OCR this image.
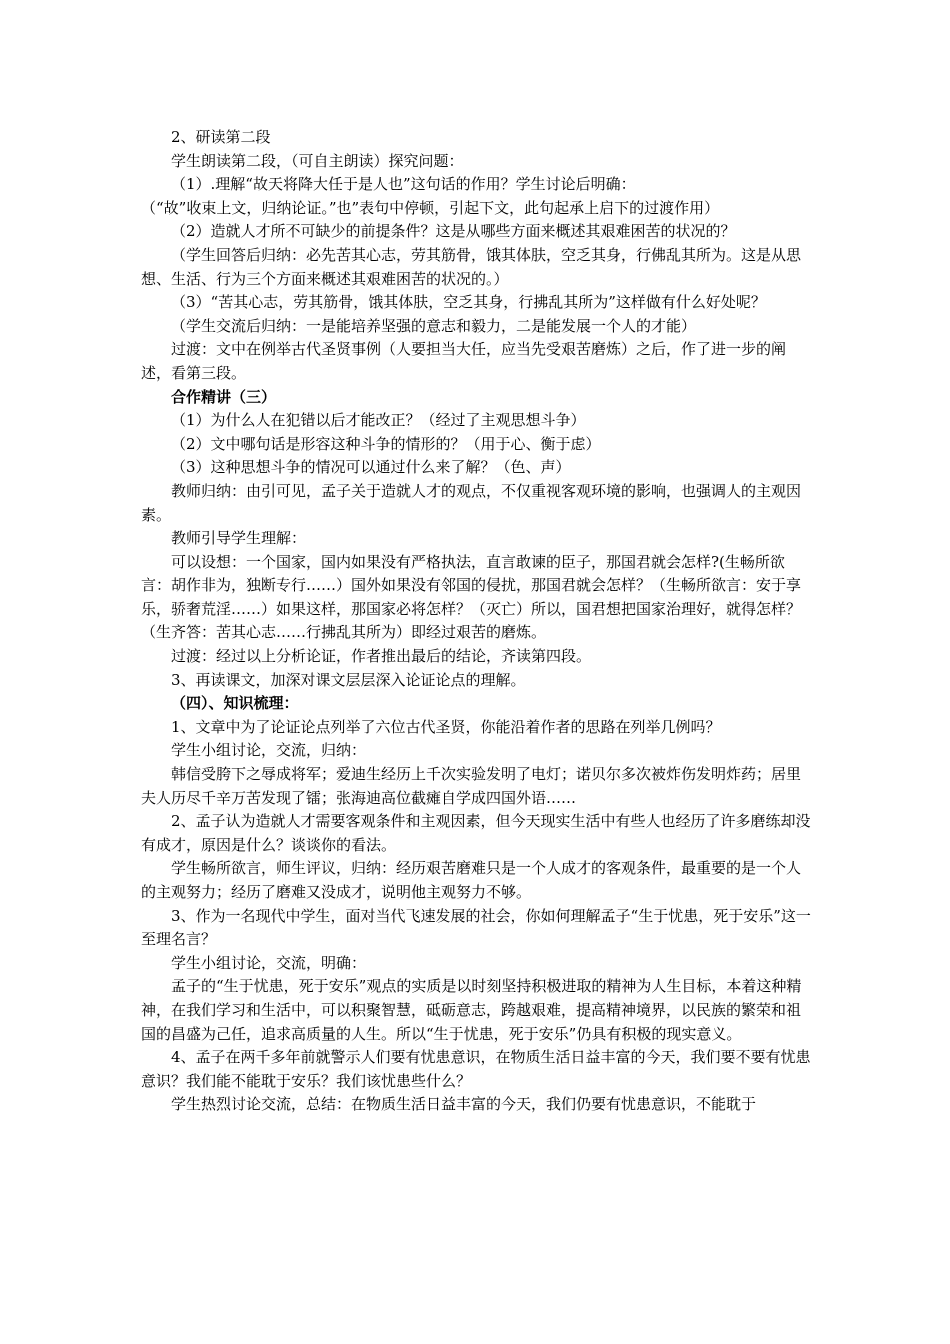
2、研读第二段

学生朗读第二段，（可自主朗读）探究问题：

（1）.理解“故天将降大任于是人也”这句话的作用？学生讨论后明确：

（“故”收束上文，归纳论证。”也”表句中停顿，引起下文，此句起承上启下的过渡作用）

（2）造就人才所不可缺少的前提条件？这是从哪些方面来概述其艰难困苦的状况的？

（学生回答后归纳：必先苦其心志，劳其筋骨，饿其体肤，空乏其身，行佛乱其所为。这是从思想、生活、行为三个方面来概述其艰难困苦的状况的。）

（3）“苦其心志，劳其筋骨，饿其体肤，空乏其身，行拂乱其所为”这样做有什么好处呢？

（学生交流后归纳：一是能培养坚强的意志和毅力，二是能发展一个人的才能）

过渡：文中在例举古代圣贤事例（人要担当大任，应当先受艰苦磨炼）之后，作了进一步的阐述，看第三段。

合作精讲（三）

（1）为什么人在犯错以后才能改正？（经过了主观思想斗争）

（2）文中哪句话是形容这种斗争的情形的？（用于心、衡于虑）

（3）这种思想斗争的情况可以通过什么来了解？（色、声）

教师归纳：由引可见，孟子关于造就人才的观点，不仅重视客观环境的影响，也强调人的主观因素。

教师引导学生理解：

可以设想：一个国家，国内如果没有严格执法，直言敢谏的臣子，那国君就会怎样?(生畅所欲言：胡作非为，独断专行……）国外如果没有邻国的侵扰，那国君就会怎样？（生畅所欲言：安于享乐，骄奢荒淫……）如果这样，那国家必将怎样？（灭亡）所以，国君想把国家治理好，就得怎样？（生齐答：苦其心志……行拂乱其所为）即经过艰苦的磨炼。

过渡：经过以上分析论证，作者推出最后的结论，齐读第四段。

3、再读课文，加深对课文层层深入论证论点的理解。

（四）、知识梳理：

1、文章中为了论证论点列举了六位古代圣贤，你能沿着作者的思路在列举几例吗？

学生小组讨论，交流，归纳：

韩信受胯下之辱成将军；爱迪生经历上千次实验发明了电灯；诺贝尔多次被炸伤发明炸药；居里夫人历尽千辛万苦发现了镭；张海迪高位截瘫自学成四国外语……

2、孟子认为造就人才需要客观条件和主观因素，但今天现实生活中有些人也经历了许多磨练却没有成才，原因是什么？谈谈你的看法。

学生畅所欲言，师生评议，归纳：经历艰苦磨难只是一个人成才的客观条件，最重要的是一个人的主观努力；经历了磨难又没成才，说明他主观努力不够。

3、作为一名现代中学生，面对当代飞速发展的社会，你如何理解孟子“生于忧患，死于安乐”这一至理名言？

学生小组讨论，交流，明确：

孟子的“生于忧患，死于安乐”观点的实质是以时刻坚持积极进取的精神为人生目标，本着这种精神，在我们学习和生活中，可以积聚智慧，砥砺意志，跨越艰难，提高精神境界，以民族的繁荣和祖国的昌盛为己任，追求高质量的人生。所以“生于忧患，死于安乐”仍具有积极的现实意义。

4、孟子在两千多年前就警示人们要有忧患意识，在物质生活日益丰富的今天，我们要不要有忧患意识？我们能不能耽于安乐？我们该忧患些什么？

学生热烈讨论交流，总结：在物质生活日益丰富的今天，我们仍要有忧患意识，不能耽于
